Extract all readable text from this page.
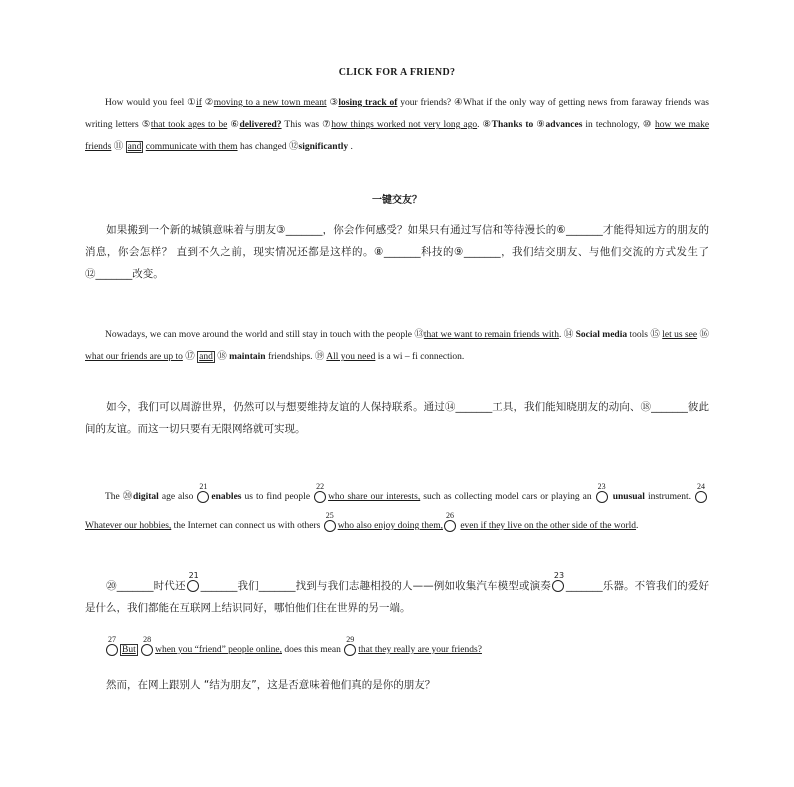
CLICK FOR A FRIEND?
How would you feel ①if ②moving to a new town meant ③losing track of your friends? ④What if the only way of getting news from faraway friends was writing letters ⑤that took ages to be ⑥delivered? This was ⑦how things worked not very long ago. ⑧Thanks to ⑨advances in technology, ⑩ how we make friends ⑪ and communicate with them has changed ⑫significantly .
一键交友？
如果搬到一个新的城镇意味着与朋友③_______，你会作何感受？如果只有通过写信和等待漫长的⑥_______才能得知远方的朋友的消息，你会怎样？ 直到不久之前，现实情况还都是这样的。⑧_______科技的⑨_______，我们结交朋友、与他们交流的方式发生了⑫_______改变。
Nowadays, we can move around the world and still stay in touch with the people ⑬that we want to remain friends with. ⑭ Social media tools ⑮ let us see ⑯ what our friends are up to ⑰ and ⑱ maintain friendships. ⑲ All you need is a wi – fi connection.
如今，我们可以周游世界，仍然可以与想要维持友谊的人保持联系。通过⑭_______工具，我们能知晓朋友的动向、⑱_______彼此间的友谊。而这一切只要有无限网络就可实现。
The ⑳digital age also
21
enables us to find people
22
who share our interests, such as collecting model cars or playing an
23
unusual instrument.
24
Whatever our hobbies, the Internet can connect us with others
25
who also enjoy doing them,
26
even if they live on the other side of the world.
⑳_______时代还
21
_______我们_______找到与我们志趣相投的人——例如收集汽车模型或演奏
23
_______乐器。不管我们的爱好是什么，我们都能在互联网上结识同好，哪怕他们住在世界的另一端。
27
But
28
when you “friend” people online, does this mean
29
that they really are your friends?
然而，在网上跟别人 “结为朋友”，这是否意味着他们真的是你的朋友？
